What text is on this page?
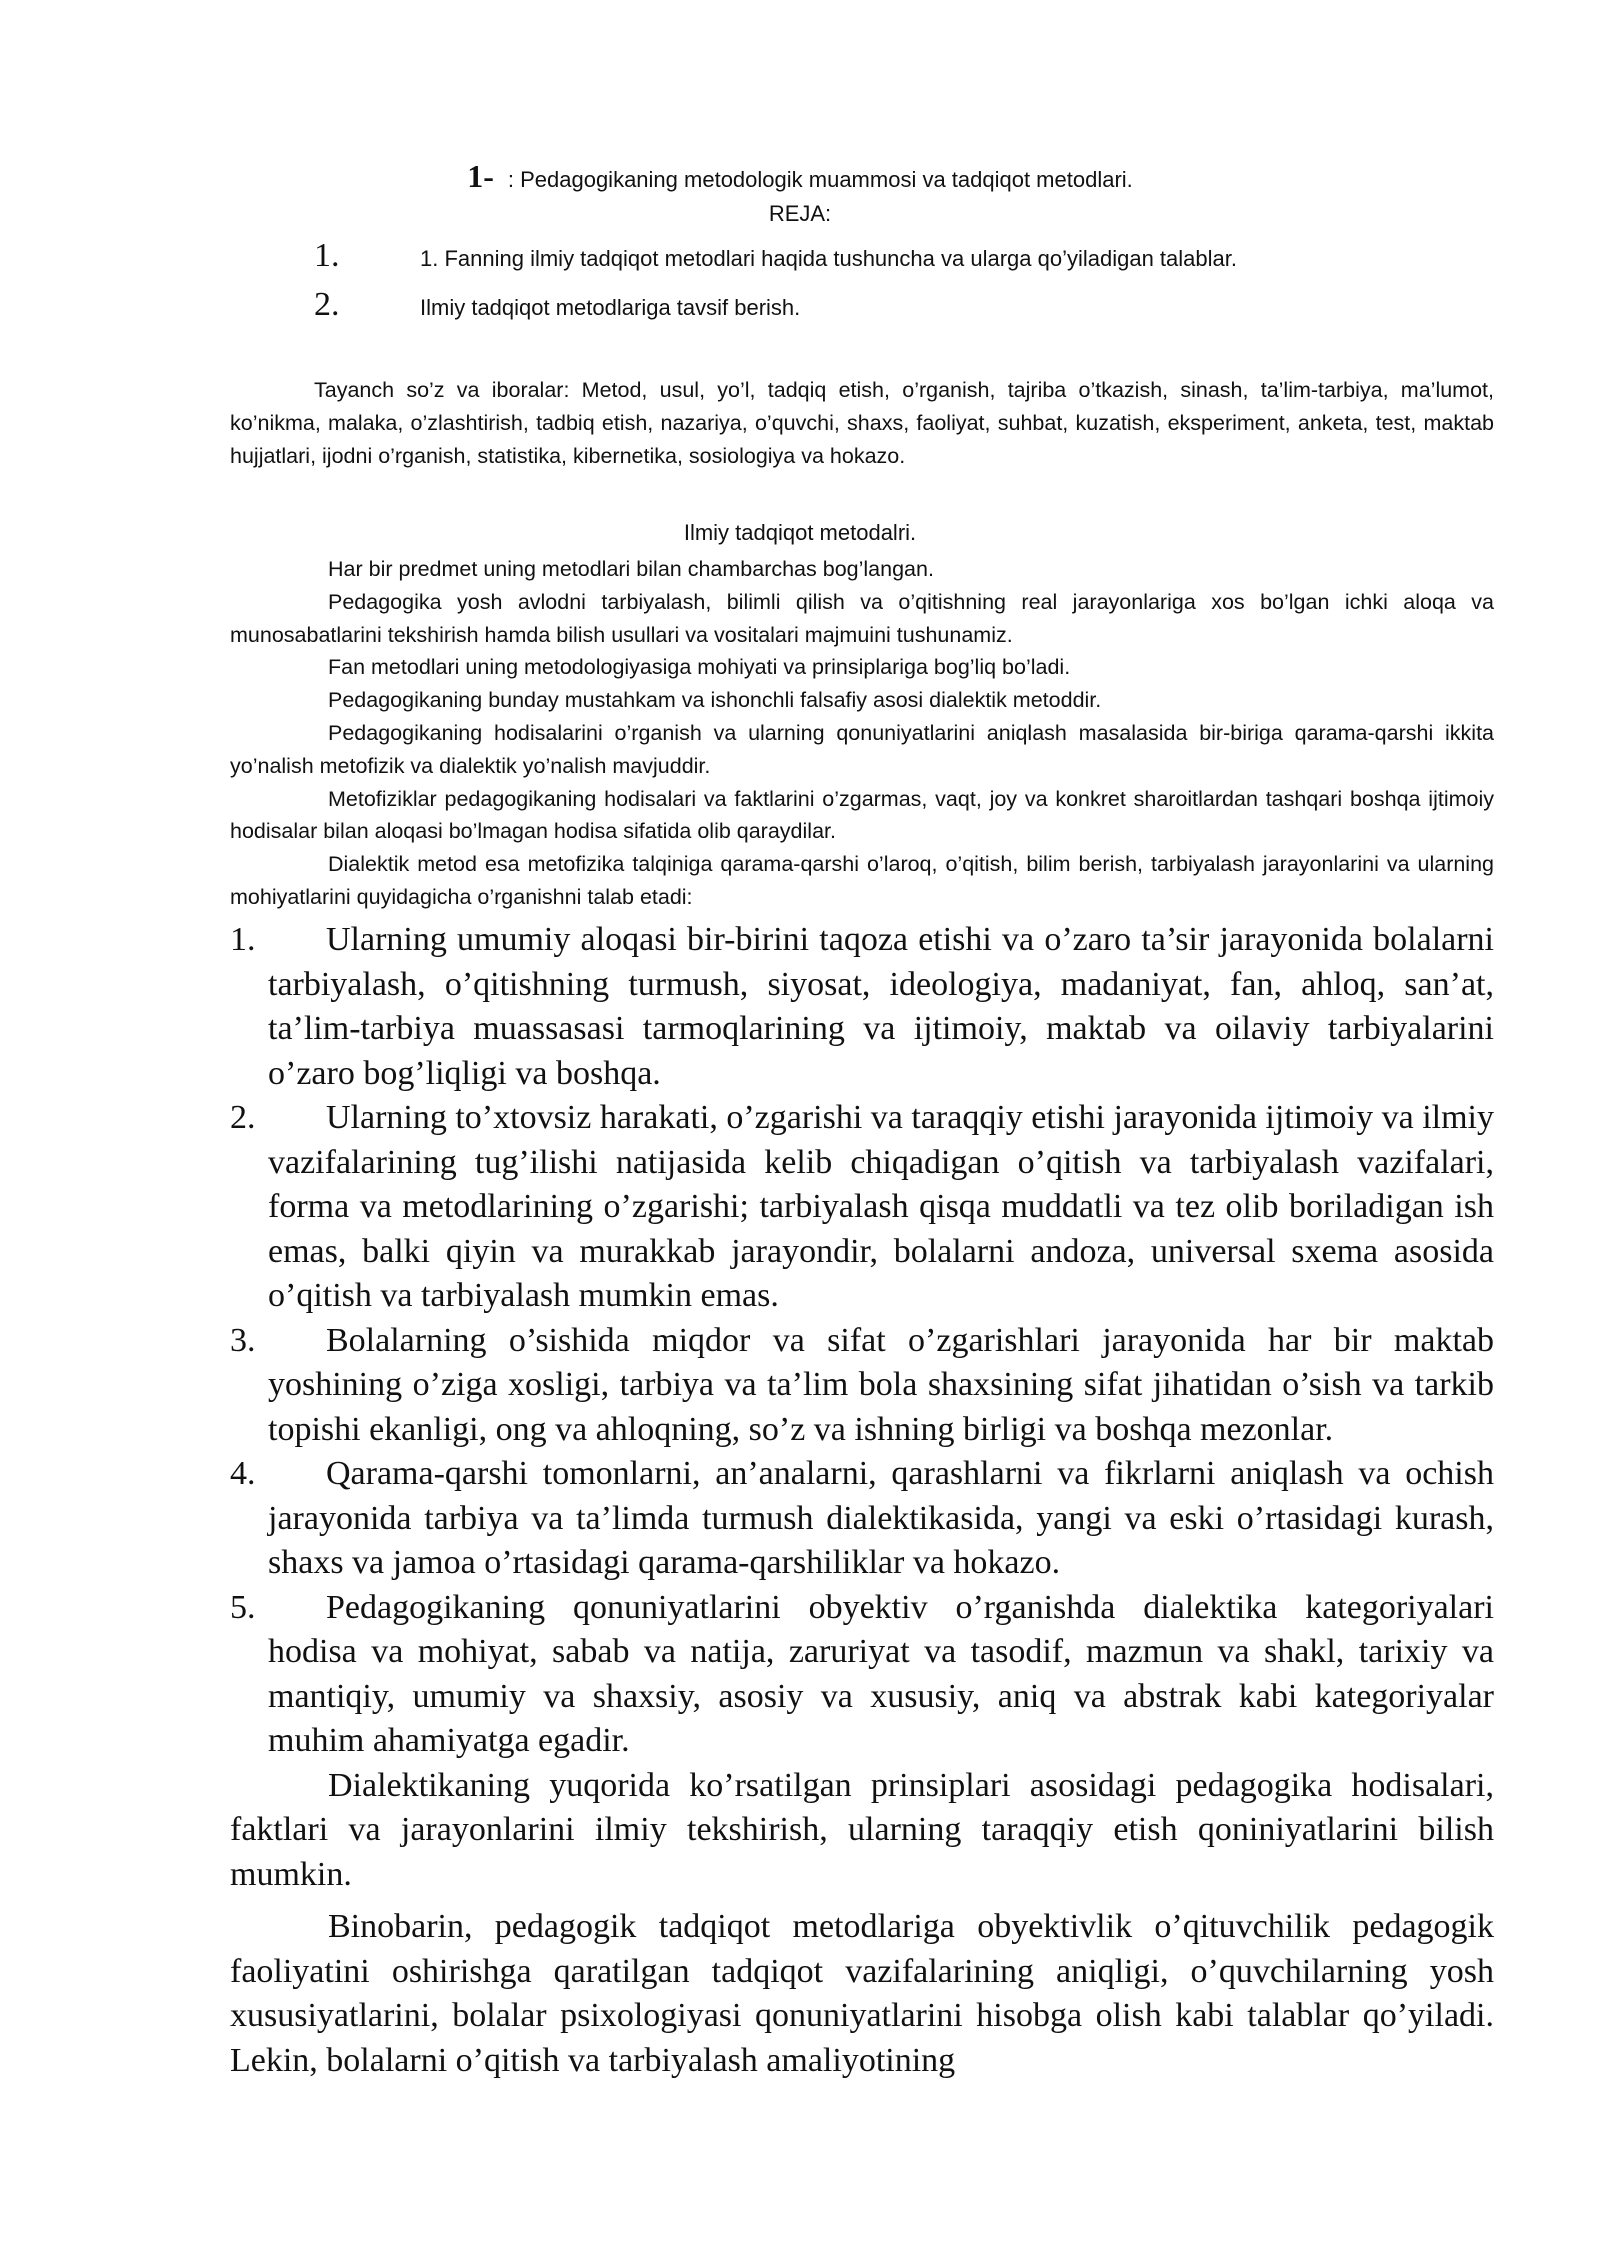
1- : Pedagogikaning metodologik muammosi va tadqiqot metodlari.
REJA:
1.	1. Fanning ilmiy tadqiqot metodlari haqida tushuncha va ularga qo’yiladigan talablar.
2.	Ilmiy tadqiqot metodlariga tavsif berish.

Tayanch so’z va iboralar: Metod, usul, yo’l, tadqiq etish, o’rganish, tajriba o’tkazish, sinash, ta’lim-tarbiya, ma’lumot, ko’nikma, malaka, o’zlashtirish, tadbiq etish, nazariya, o’quvchi, shaxs, faoliyat, suhbat, kuzatish, eksperiment, anketa, test, maktab hujjatlari, ijodni o’rganish, statistika, kibernetika, sosiologiya va hokazo.

Ilmiy tadqiqot metodalri.

Har bir predmet uning metodlari bilan chambarchas bog’langan.

Pedagogika yosh avlodni tarbiyalash, bilimli qilish va o’qitishning real jarayonlariga xos bo’lgan ichki aloqa va munosabatlarini tekshirish hamda bilish usullari va vositalari majmuini tushunamiz.

Fan metodlari uning metodologiyasiga mohiyati va prinsiplariga bog’liq bo’ladi.

Pedagogikaning bunday mustahkam va ishonchli falsafiy asosi dialektik metoddir.

Pedagogikaning hodisalarini o’rganish va ularning qonuniyatlarini aniqlash masalasida bir-biriga qarama-qarshi ikkita yo’nalish metofizik va dialektik yo’nalish mavjuddir.

Metofiziklar pedagogikaning hodisalari va faktlarini o’zgarmas, vaqt, joy va konkret sharoitlardan tashqari boshqa ijtimoiy hodisalar bilan aloqasi bo’lmagan hodisa sifatida olib qaraydilar.

Dialektik metod esa metofizika talqiniga qarama-qarshi o’laroq, o’qitish, bilim berish, tarbiyalash jarayonlarini va ularning mohiyatlarini quyidagicha o’rganishni talab etadi:

1. Ularning umumiy aloqasi bir-birini taqoza etishi va o’zaro ta’sir jarayonida bolalarni tarbiyalash, o’qitishning turmush, siyosat, ideologiya, madaniyat, fan, ahloq, san’at, ta’lim-tarbiya muassasasi tarmoqlarining va ijtimoiy, maktab va oilaviy tarbiyalarini o’zaro bog’liqligi va boshqa.

2. Ularning to’xtovsiz harakati, o’zgarishi va taraqqiy etishi jarayonida ijtimoiy va ilmiy vazifalarining tug’ilishi natijasida kelib chiqadigan o’qitish va tarbiyalash vazifalari, forma va metodlarining o’zgarishi; tarbiyalash qisqa muddatli va tez olib boriladigan ish emas, balki qiyin va murakkab jarayondir, bolalarni andoza, universal sxema asosida o’qitish va tarbiyalash mumkin emas.

3. Bolalarning o’sishida miqdor va sifat o’zgarishlari jarayonida har bir maktab yoshining o’ziga xosligi, tarbiya va ta’lim bola shaxsining sifat jihatidan o’sish va tarkib topishi ekanligi, ong va ahloqning, so’z va ishning birligi va boshqa mezonlar.

4. Qarama-qarshi tomonlarni, an’analarni, qarashlarni va fikrlarni aniqlash va ochish jarayonida tarbiya va ta’limda turmush dialektikasida, yangi va eski o’rtasidagi kurash, shaxs va jamoa o’rtasidagi qarama-qarshiliklar va hokazo.

5. Pedagogikaning qonuniyatlarini obyektiv o’rganishda dialektika kategoriyalari hodisa va mohiyat, sabab va natija, zaruriyat va tasodif, mazmun va shakl, tarixiy va mantiqiy, umumiy va shaxsiy, asosiy va xususiy, aniq va abstrak kabi kategoriyalar muhim ahamiyatga egadir.

Dialektikaning yuqorida ko’rsatilgan prinsiplari asosidagi pedagogika hodisalari, faktlari va jarayonlarini ilmiy tekshirish, ularning taraqqiy etish qoniniyatlarini bilish mumkin.

Binobarin, pedagogik tadqiqot metodlariga obyektivlik o’qituvchilik pedagogik faoliyatini oshirishga qaratilgan tadqiqot vazifalarining aniqligi, o’quvchilarning yosh xususiyatlarini, bolalar psixologiyasi qonuniyatlarini hisobga olish kabi talablar qo’yiladi. Lekin, bolalarni o’qitish va tarbiyalash amaliyotining
